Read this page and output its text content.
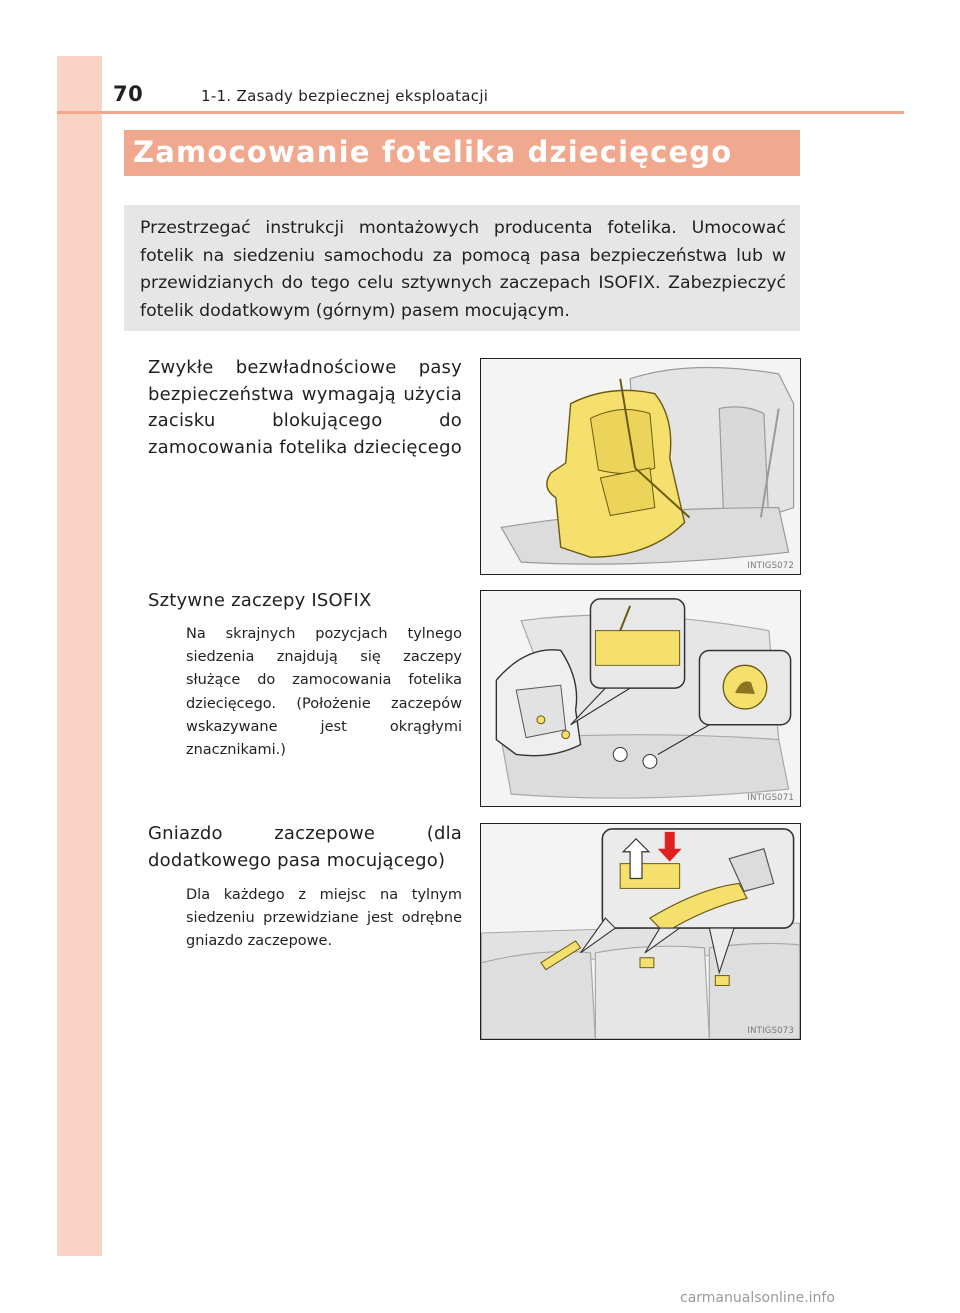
70	1-1. Zasady bezpiecznej eksploatacji
Zamocowanie fotelika dziecięcego
Przestrzegać instrukcji montażowych producenta fotelika. Umocować fotelik na siedzeniu samochodu za pomocą pasa bezpieczeństwa lub w przewidzianych do tego celu sztywnych zaczepach ISOFIX. Zabezpieczyć fotelik dodatkowym (górnym) pasem mocującym.
Zwykłe bezwładnościowe pasy bezpieczeństwa wymagają użycia zacisku blokującego do zamocowania fotelika dziecięcego
INTIGS072
Sztywne zaczepy ISOFIX
Na skrajnych pozycjach tylnego siedzenia znajdują się zaczepy służące do zamocowania fotelika dziecięcego. (Położenie zaczepów wskazywane jest okrągłymi znacznikami.)
INTIGS071
Gniazdo zaczepowe (dla dodatkowego pasa mocującego)
Dla każdego z miejsc na tylnym siedzeniu przewidziane jest odrębne gniazdo zaczepowe.
INTIGS073
carmanualsonline.info
